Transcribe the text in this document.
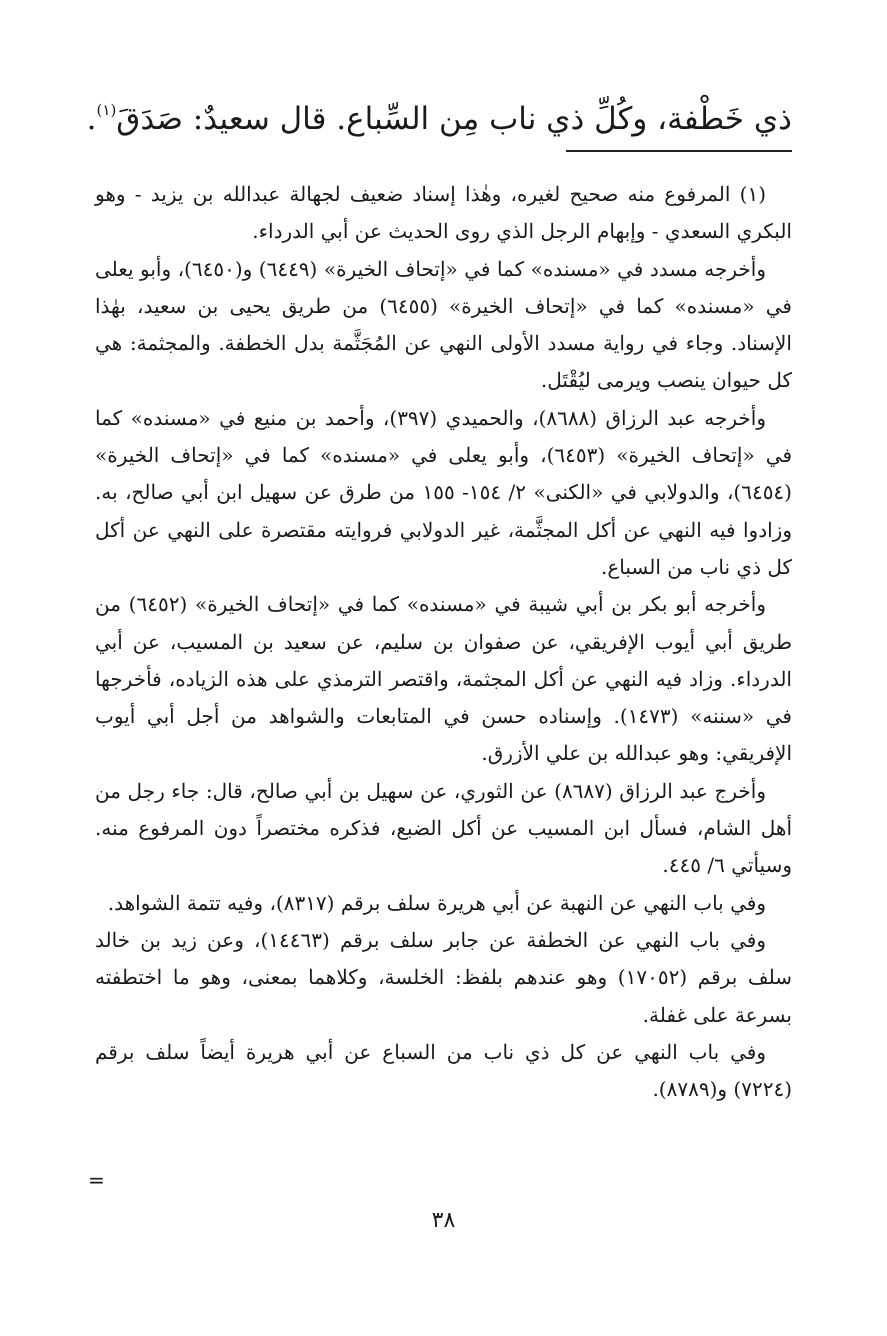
ذي خَطْفة، وكُلِّ ذي ناب مِن السِّباع. قال سعيدٌ: صَدَقَ$^{(١)}$.

(١) المرفوع منه صحيح لغيره، وهٰذا إسناد ضعيف لجهالة عبدالله بن يزيد - وهو البكري السعدي - وإبهام الرجل الذي روى الحديث عن أبي الدرداء.

وأخرجه مسدد في «مسنده» كما في «إتحاف الخيرة» (٦٤٤٩) و(٦٤٥٠)، وأبو يعلى في «مسنده» كما في «إتحاف الخيرة» (٦٤٥٥) من طريق يحيى بن سعيد، بهٰذا الإسناد. وجاء في رواية مسدد الأولى النهي عن المُجَثَّمة بدل الخطفة. والمجثمة: هي كل حيوان ينصب ويرمى ليُقْتَل.

وأخرجه عبد الرزاق (٨٦٨٨)، والحميدي (٣٩٧)، وأحمد بن منيع في «مسنده» كما في «إتحاف الخيرة» (٦٤٥٣)، وأبو يعلى في «مسنده» كما في «إتحاف الخيرة» (٦٤٥٤)، والدولابي في «الكنى» ٢/ ١٥٤- ١٥٥ من طرق عن سهيل ابن أبي صالح، به. وزادوا فيه النهي عن أكل المجثَّمة، غير الدولابي فروايته مقتصرة على النهي عن أكل كل ذي ناب من السباع.

وأخرجه أبو بكر بن أبي شيبة في «مسنده» كما في «إتحاف الخيرة» (٦٤٥٢) من طريق أبي أيوب الإفريقي، عن صفوان بن سليم، عن سعيد بن المسيب، عن أبي الدرداء. وزاد فيه النهي عن أكل المجثمة، واقتصر الترمذي على هذه الزياده، فأخرجها في «سننه» (١٤٧٣). وإسناده حسن في المتابعات والشواهد من أجل أبي أيوب الإفريقي: وهو عبدالله بن علي الأزرق.

وأخرج عبد الرزاق (٨٦٨٧) عن الثوري، عن سهيل بن أبي صالح، قال: جاء رجل من أهل الشام، فسأل ابن المسيب عن أكل الضبع، فذكره مختصراً دون المرفوع منه. وسيأتي ٦/ ٤٤٥.

وفي باب النهي عن النهبة عن أبي هريرة سلف برقم (٨٣١٧)، وفيه تتمة الشواهد.

وفي باب النهي عن الخطفة عن جابر سلف برقم (١٤٤٦٣)، وعن زيد بن خالد سلف برقم (١٧٠٥٢) وهو عندهم بلفظ: الخلسة، وكلاهما بمعنى، وهو ما اختطفته بسرعة على غفلة.

وفي باب النهي عن كل ذي ناب من السباع عن أبي هريرة أيضاً سلف برقم (٧٢٢٤) و(٨٧٨٩).

=
٣٨
